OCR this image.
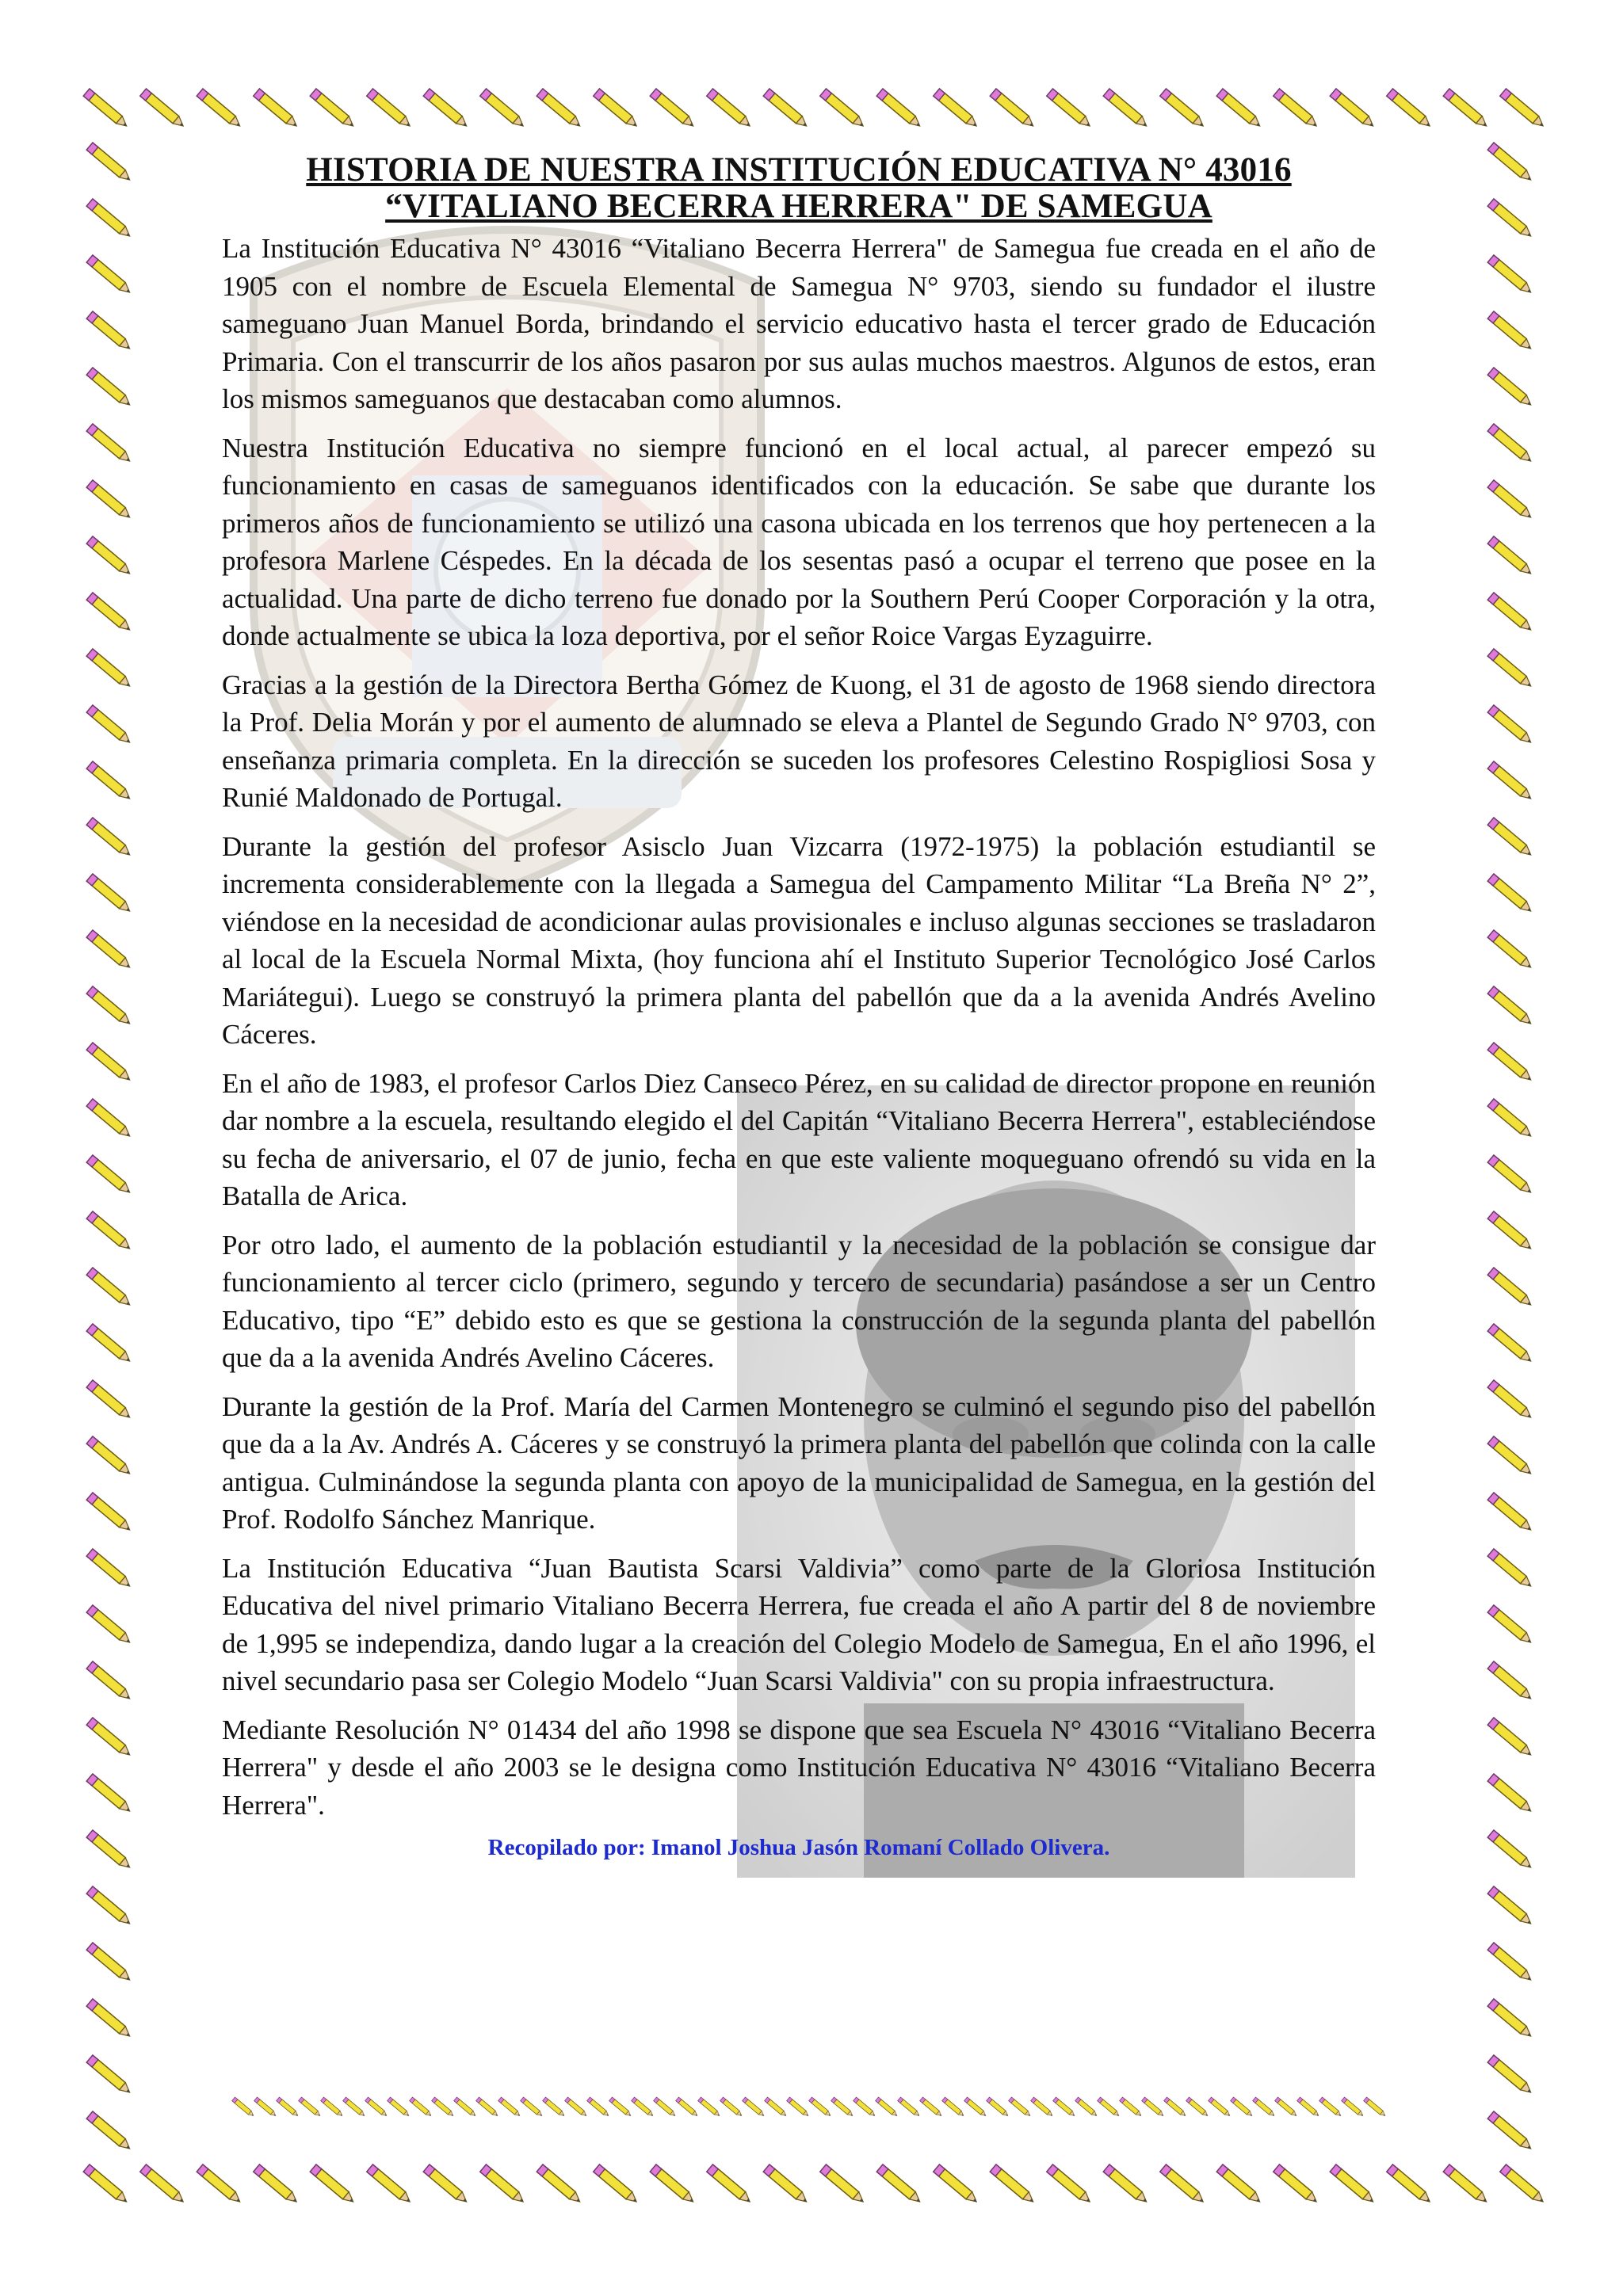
HISTORIA DE NUESTRA INSTITUCIÓN EDUCATIVA N° 43016
“VITALIANO BECERRA HERRERA" DE SAMEGUA

La Institución Educativa N° 43016 “Vitaliano Becerra Herrera" de Samegua fue creada en el año de 1905 con el nombre de Escuela Elemental de Samegua N° 9703, siendo su fundador el ilustre sameguano Juan Manuel Borda, brindando el servicio educativo hasta el tercer grado de Educación Primaria. Con el transcurrir de los años pasaron por sus aulas muchos maestros. Algunos de estos, eran los mismos sameguanos que destacaban como alumnos.

Nuestra Institución Educativa no siempre funcionó en el local actual, al parecer empezó su funcionamiento en casas de sameguanos identificados con la educación. Se sabe que durante los primeros años de funcionamiento se utilizó una casona ubicada en los terrenos que hoy pertenecen a la profesora Marlene Céspedes. En la década de los sesentas pasó a ocupar el terreno que posee en la actualidad. Una parte de dicho terreno fue donado por la Southern Perú Cooper Corporación y la otra, donde actualmente se ubica la loza deportiva, por el señor Roice Vargas Eyzaguirre.

Gracias a la gestión de la Directora Bertha Gómez de Kuong, el 31 de agosto de 1968 siendo directora la Prof. Delia Morán y por el aumento de alumnado se eleva a Plantel de Segundo Grado N° 9703, con enseñanza primaria completa. En la dirección se suceden los profesores Celestino Rospigliosi Sosa y Runié Maldonado de Portugal.

Durante la gestión del profesor Asisclo Juan Vizcarra (1972-1975) la población estudiantil se incrementa considerablemente con la llegada a Samegua del Campamento Militar “La Breña N° 2”, viéndose en la necesidad de acondicionar aulas provisionales e incluso algunas secciones se trasladaron al local de la Escuela Normal Mixta, (hoy funciona ahí el Instituto Superior Tecnológico José Carlos Mariátegui). Luego se construyó la primera planta del pabellón que da a la avenida Andrés Avelino Cáceres.

En el año de 1983, el profesor Carlos Diez Canseco Pérez, en su calidad de director propone en reunión dar nombre a la escuela, resultando elegido el del Capitán “Vitaliano Becerra Herrera", estableciéndose su fecha de aniversario, el 07 de junio, fecha en que este valiente moqueguano ofrendó su vida en la Batalla de Arica.

Por otro lado, el aumento de la población estudiantil y la necesidad de la población se consigue dar funcionamiento al tercer ciclo (primero, segundo y tercero de secundaria) pasándose a ser un Centro Educativo, tipo “E” debido esto es que se gestiona la construcción de la segunda planta del pabellón que da a la avenida Andrés Avelino Cáceres.

Durante la gestión de la Prof. María del Carmen Montenegro se culminó el segundo piso del pabellón que da a la Av. Andrés A. Cáceres y se construyó la primera planta del pabellón que colinda con la calle antigua. Culminándose la segunda planta con apoyo de la municipalidad de Samegua, en la gestión del Prof. Rodolfo Sánchez Manrique.

La Institución Educativa “Juan Bautista Scarsi Valdivia” como parte de la Gloriosa Institución Educativa del nivel primario Vitaliano Becerra Herrera, fue creada el año A partir del 8 de noviembre de 1,995 se independiza, dando lugar a la creación del Colegio Modelo de Samegua, En el año 1996, el nivel secundario pasa ser Colegio Modelo “Juan Scarsi Valdivia" con su propia infraestructura.

Mediante Resolución N° 01434 del año 1998 se dispone que sea Escuela N° 43016 “Vitaliano Becerra Herrera" y desde el año 2003 se le designa como Institución Educativa N° 43016 “Vitaliano Becerra Herrera".

Recopilado por: Imanol Joshua Jasón Romaní Collado Olivera.
